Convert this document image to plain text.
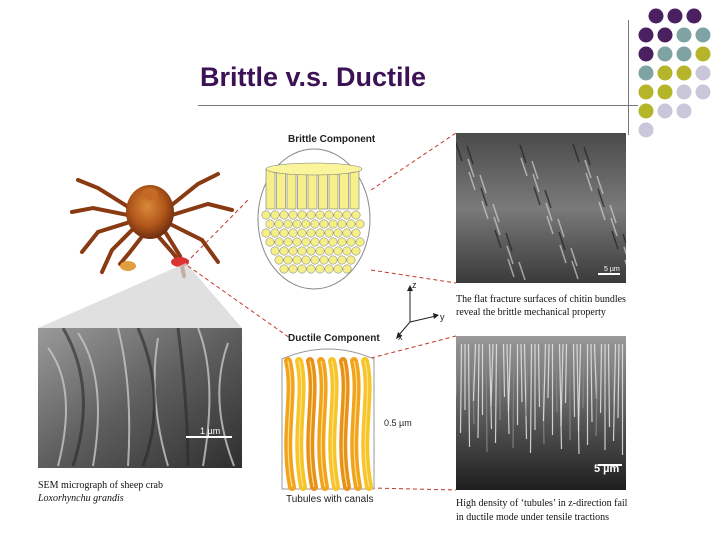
Brittle v.s. Ductile
1 µm
Brittle Component
z
y
x
Ductile Component
0.5 µm
Tubules with canals
5 µm
The flat fracture surfaces of chitin bundles
reveal the brittle mechanical property
5 µm
High density of ‘tubules’ in z-direction fail
in ductile mode under tensile tractions
SEM micrograph of sheep crab
Loxorhynchu grandis
